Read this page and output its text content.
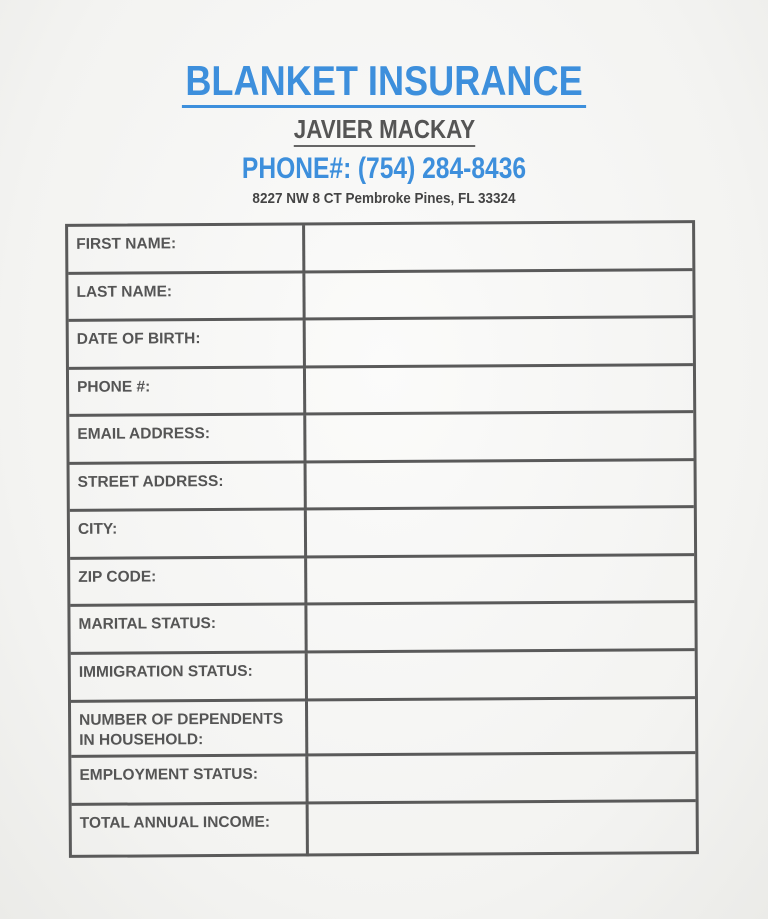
BLANKET INSURANCE
JAVIER MACKAY
PHONE#: (754) 284-8436
8227 NW 8 CT Pembroke Pines, FL 33324
FIRST NAME:
LAST NAME:
DATE OF BIRTH:
PHONE #:
EMAIL ADDRESS:
STREET ADDRESS:
CITY:
ZIP CODE:
MARITAL STATUS:
IMMIGRATION STATUS:
NUMBER OF DEPENDENTS
IN HOUSEHOLD:
EMPLOYMENT STATUS:
TOTAL ANNUAL INCOME:
